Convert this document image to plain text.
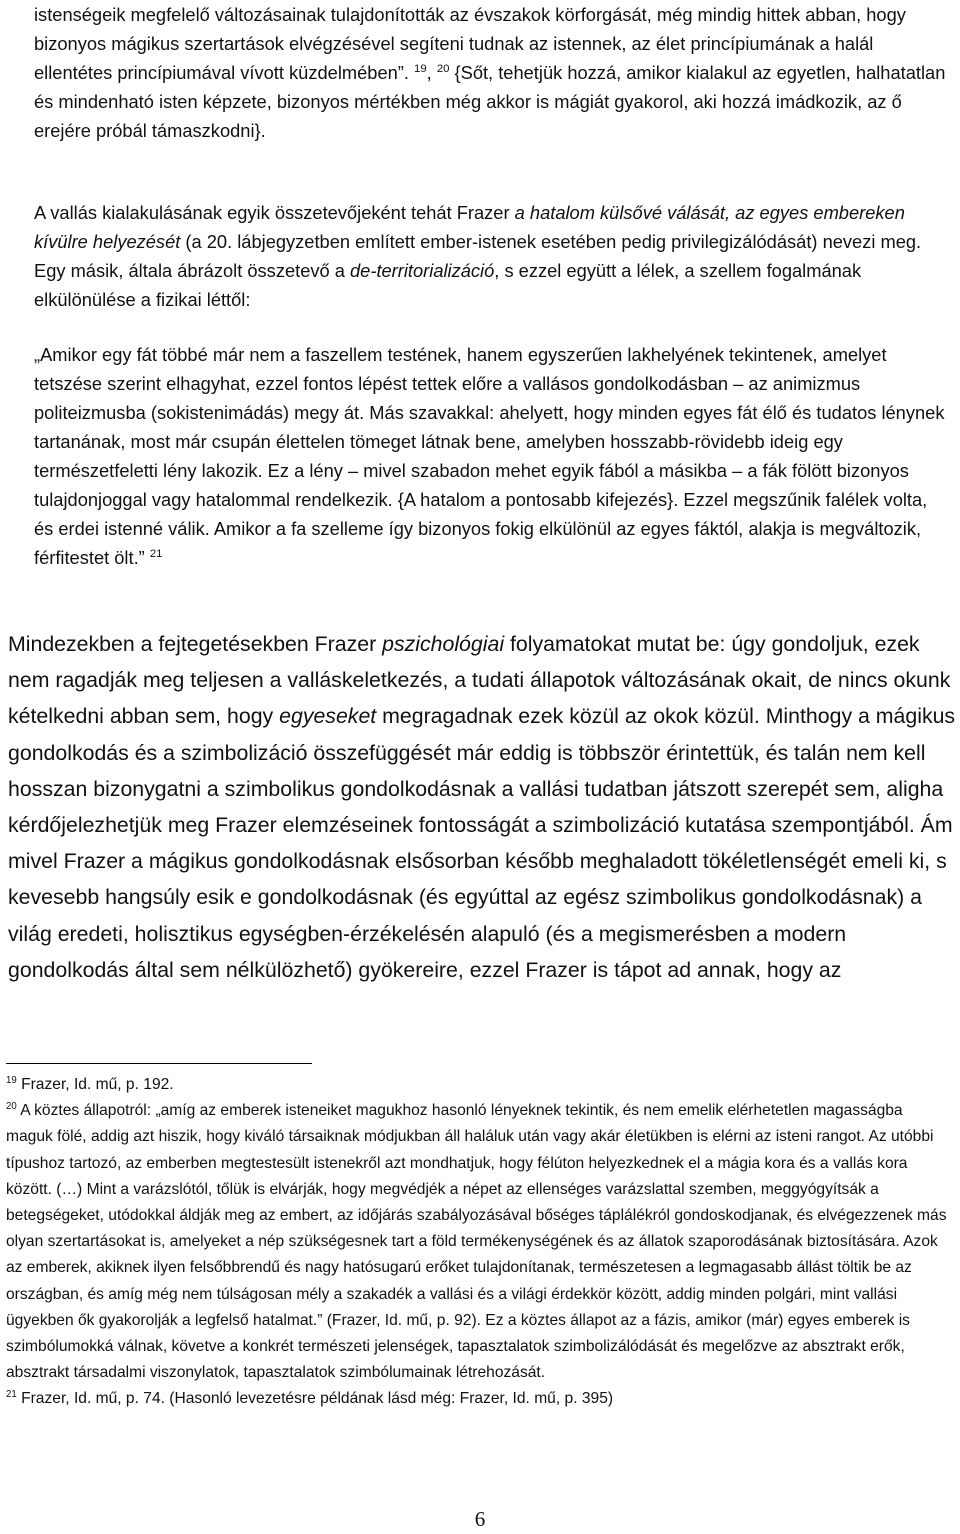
istenségeik megfelelő változásainak tulajdonították az évszakok körforgását, még mindig hittek abban, hogy bizonyos mágikus szertartások elvégzésével segíteni tudnak az istennek, az élet princípiumának a halál ellentétes princípiumával vívott küzdelmében”. $^{19}$, $^{20}$ {Sőt, tehetjük hozzá, amikor kialakul az egyetlen, halhatatlan és mindenható isten képzete, bizonyos mértékben még akkor is mágiát gyakorol, aki hozzá imádkozik, az ő erejére próbál támaszkodni}.

A vallás kialakulásának egyik összetevőjeként tehát Frazer a hatalom külsővé válását, az egyes embereken kívülre helyezését (a 20. lábjegyzetben említett ember-istenek esetében pedig privilegizálódását) nevezi meg. Egy másik, általa ábrázolt összetevő a de-territorializáció, s ezzel együtt a lélek, a szellem fogalmának elkülönülése a fizikai léttől:

„Amikor egy fát többé már nem a faszellem testének, hanem egyszerűen lakhelyének tekintenek, amelyet tetszése szerint elhagyhat, ezzel fontos lépést tettek előre a vallásos gondolkodásban – az animizmus politeizmusba (sokistenimádás) megy át. Más szavakkal: ahelyett, hogy minden egyes fát élő és tudatos lénynek tartanának, most már csupán élettelen tömeget látnak bene, amelyben hosszabb-rövidebb ideig egy természetfeletti lény lakozik. Ez a lény – mivel szabadon mehet egyik fából a másikba – a fák fölött bizonyos tulajdonjoggal vagy hatalommal rendelkezik. {A hatalom a pontosabb kifejezés}. Ezzel megszűnik falélek volta, és erdei istenné válik. Amikor a fa szelleme így bizonyos fokig elkülönül az egyes fáktól, alakja is megváltozik, férfitestet ölt.” $^{21}$

Mindezekben a fejtegetésekben Frazer pszichológiai folyamatokat mutat be: úgy gondoljuk, ezek nem ragadják meg teljesen a valláskeletkezés, a tudati állapotok változásának okait, de nincs okunk kételkedni abban sem, hogy egyeseket megragadnak ezek közül az okok közül. Minthogy a mágikus gondolkodás és a szimbolizáció összefüggését már eddig is többször érintettük, és talán nem kell hosszan bizonygatni a szimbolikus gondolkodásnak a vallási tudatban játszott szerepét sem, aligha kérdőjelezhetjük meg Frazer elemzéseinek fontosságát a szimbolizáció kutatása szempontjából. Ám mivel Frazer a mágikus gondolkodásnak elsősorban később meghaladott tökéletlenségét emeli ki, s kevesebb hangsúly esik e gondolkodásnak (és egyúttal az egész szimbolikus gondolkodásnak) a világ eredeti, holisztikus egységben-érzékelésén alapuló (és a megismerésben a modern gondolkodás által sem nélkülözhető) gyökereire, ezzel Frazer is tápot ad annak, hogy az

$^{19}$ Frazer, Id. mű, p. 192.
$^{20}$ A köztes állapotról: „amíg az emberek isteneiket magukhoz hasonló lényeknek tekintik, és nem emelik elérhetetlen magasságba maguk fölé, addig azt hiszik, hogy kiváló társaiknak módjukban áll haláluk után vagy akár életükben is elérni az isteni rangot. Az utóbbi típushoz tartozó, az emberben megtestesült istenekről azt mondhatjuk, hogy félúton helyezkednek el a mágia kora és a vallás kora között. (…) Mint a varázslótól, tőlük is elvárják, hogy megvédjék a népet az ellenséges varázslattal szemben, meggyógyítsák a betegségeket, utódokkal áldják meg az embert, az időjárás szabályozásával bőséges táplálékról gondoskodjanak, és elvégezzenek más olyan szertartásokat is, amelyeket a nép szükségesnek tart a föld termékenységének és az állatok szaporodásának biztosítására. Azok az emberek, akiknek ilyen felsőbbrendű és nagy hatósugarú erőket tulajdonítanak, természetesen a legmagasabb állást töltik be az országban, és amíg még nem túlságosan mély a szakadék a vallási és a világi érdekkör között, addig minden polgári, mint vallási ügyekben ők gyakorolják a legfelső hatalmat.” (Frazer, Id. mű, p. 92). Ez a köztes állapot az a fázis, amikor (már) egyes emberek is szimbólumokká válnak, követve a konkrét természeti jelenségek, tapasztalatok szimbolizálódását és megelőzve az absztrakt erők, absztrakt társadalmi viszonylatok, tapasztalatok szimbólumainak létrehozását.
$^{21}$ Frazer, Id. mű, p. 74. (Hasonló levezetésre példának lásd még: Frazer, Id. mű, p. 395)
6
